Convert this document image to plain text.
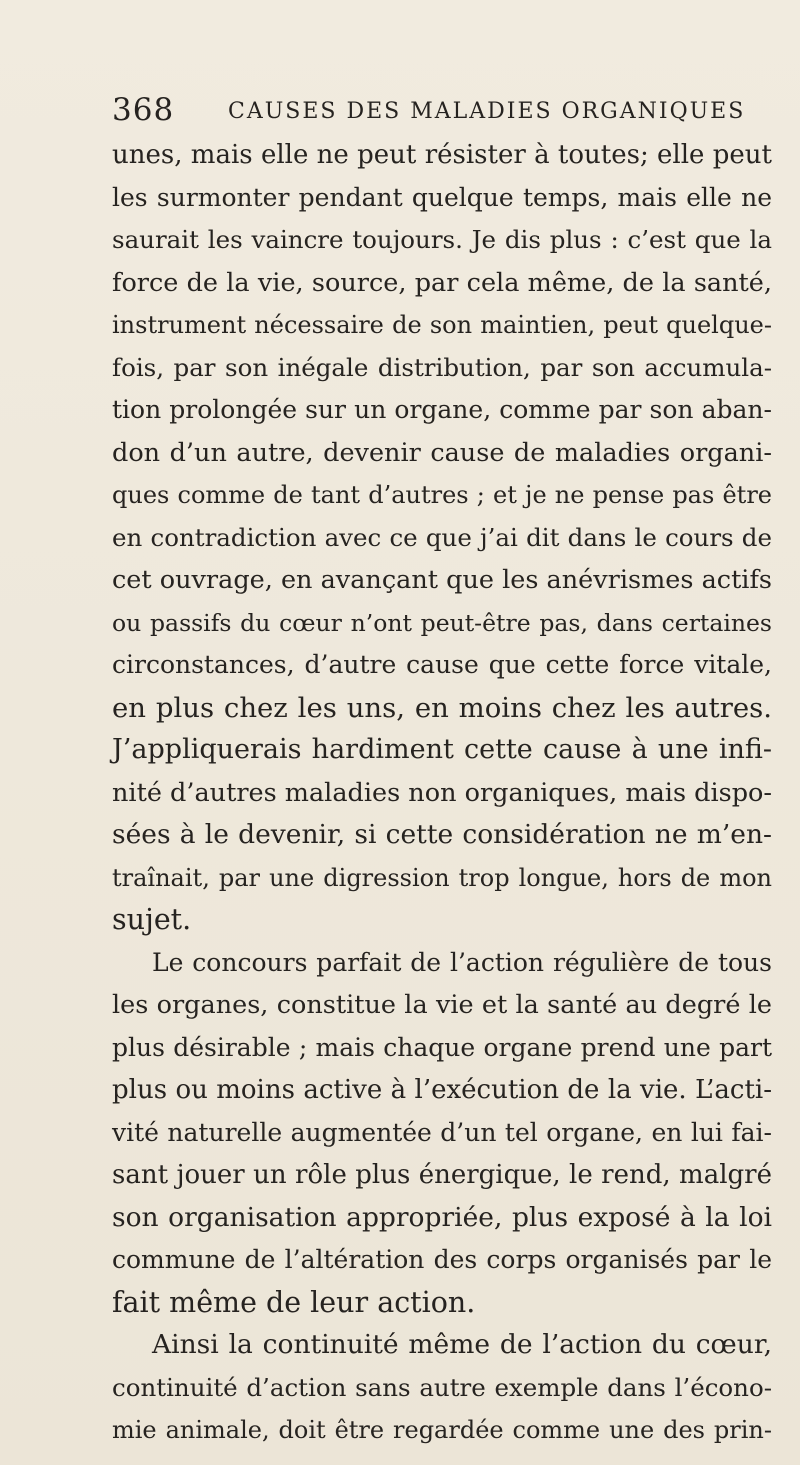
368 CAUSES DES MALADIES ORGANIQUES
unes, mais elle ne peut résister à toutes; elle peut
les surmonter pendant quelque temps, mais elle ne
saurait les vaincre toujours. Je dis plus : c’est que la
force de la vie, source, par cela même, de la santé,
instrument nécessaire de son maintien, peut quelque-
fois, par son inégale distribution, par son accumula-
tion prolongée sur un organe, comme par son aban-
don d’un autre, devenir cause de maladies organi-
ques comme de tant d’autres ; et je ne pense pas être
en contradiction avec ce que j’ai dit dans le cours de
cet ouvrage, en avançant que les anévrismes actifs
ou passifs du cœur n’ont peut-être pas, dans certaines
circonstances, d’autre cause que cette force vitale,
en plus chez les uns, en moins chez les autres.
J’appliquerais hardiment cette cause à une infi-
nité d’autres maladies non organiques, mais dispo-
sées à le devenir, si cette considération ne m’en-
traînait, par une digression trop longue, hors de mon
sujet.
Le concours parfait de l’action régulière de tous
les organes, constitue la vie et la santé au degré le
plus désirable ; mais chaque organe prend une part
plus ou moins active à l’exécution de la vie. L’acti-
vité naturelle augmentée d’un tel organe, en lui fai-
sant jouer un rôle plus énergique, le rend, malgré
son organisation appropriée, plus exposé à la loi
commune de l’altération des corps organisés par le
fait même de leur action.
Ainsi la continuité même de l’action du cœur,
continuité d’action sans autre exemple dans l’écono-
mie animale, doit être regardée comme une des prin-
